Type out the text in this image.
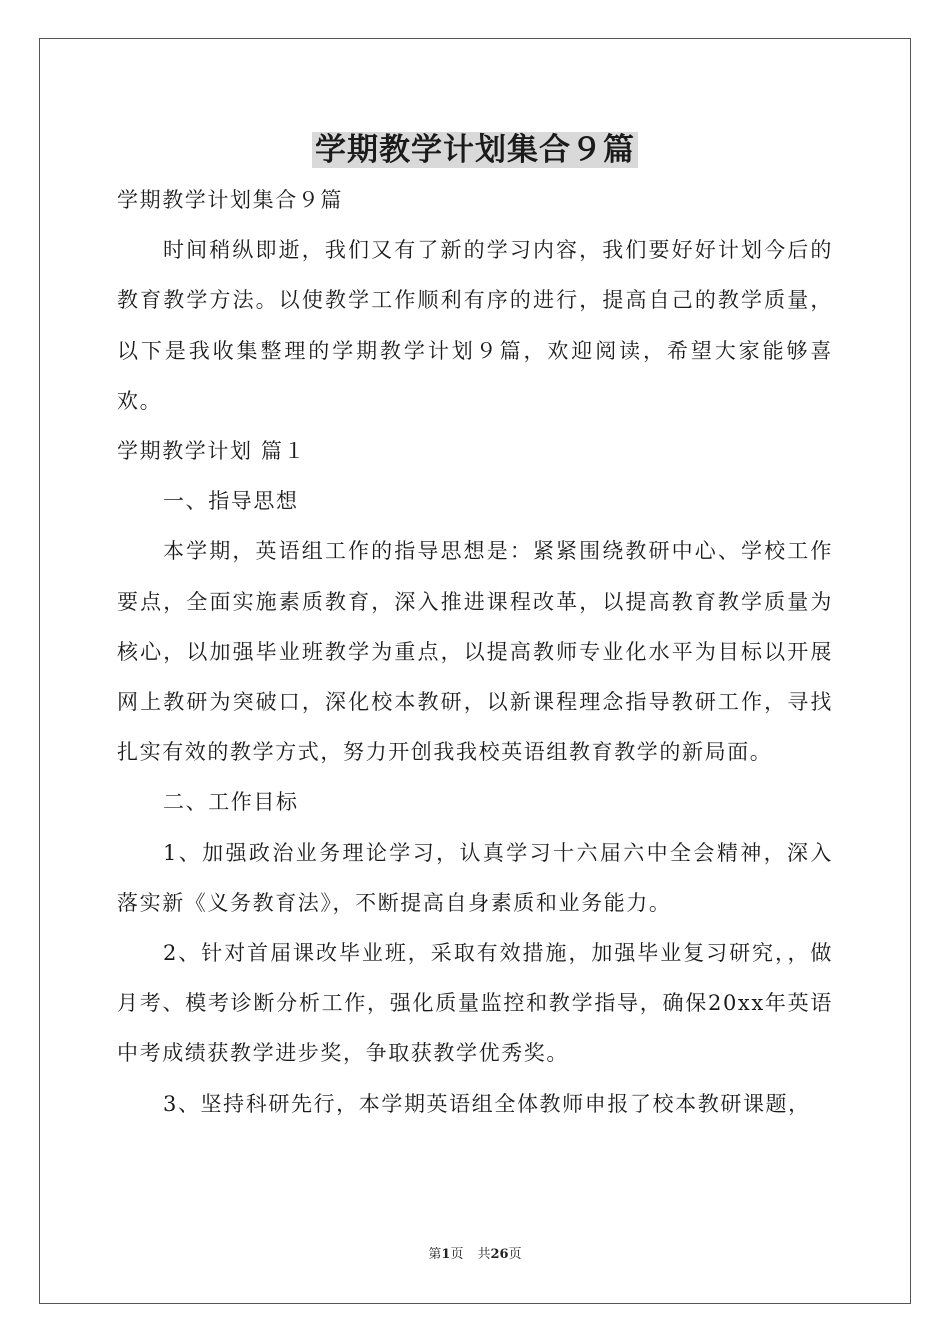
学期教学计划集合９篇

学期教学计划集合９篇

时间稍纵即逝，我们又有了新的学习内容，我们要好好计划今后的教育教学方法。以使教学工作顺利有序的进行，提高自己的教学质量，以下是我收集整理的学期教学计划９篇，欢迎阅读，希望大家能够喜欢。

学期教学计划 篇１

一、指导思想

本学期，英语组工作的指导思想是：紧紧围绕教研中心、学校工作要点，全面实施素质教育，深入推进课程改革，以提高教育教学质量为核心，以加强毕业班教学为重点，以提高教师专业化水平为目标以开展网上教研为突破口，深化校本教研，以新课程理念指导教研工作，寻找扎实有效的教学方式，努力开创我我校英语组教育教学的新局面。

二、工作目标

1、加强政治业务理论学习，认真学习十六届六中全会精神，深入落实新《义务教育法》，不断提高自身素质和业务能力。

2、针对首届课改毕业班，采取有效措施，加强毕业复习研究，，做月考、模考诊断分析工作，强化质量监控和教学指导，确保20xx年英语中考成绩获教学进步奖，争取获教学优秀奖。

3、坚持科研先行，本学期英语组全体教师申报了校本教研课题，

第1页 共26页
